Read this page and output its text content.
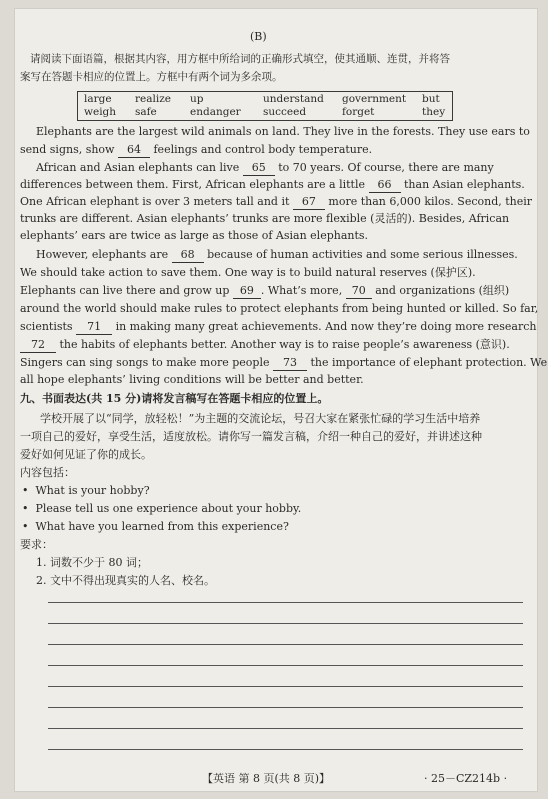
(B)
请阅读下面语篇，根据其内容，用方框中所给词的正确形式填空，使其通顺、连贯，并将答
案写在答题卡相应的位置上。方框中有两个词为多余项。
large realize up	understand government but
weigh safe	endanger succeed	forget	they
Elephants are the largest wild animals on land. They live in the forests. They use ears to
send signs, show 64 feelings and control body temperature.
African and Asian elephants can live 65 to 70 years. Of course, there are many
differences between them. First, African elephants are a little 66 than Asian elephants.
One African elephant is over 3 meters tall and it 67 more than 6,000 kilos. Second, their
trunks are different. Asian elephants’ trunks are more flexible (灵活的). Besides, African
elephants’ ears are twice as large as those of Asian elephants.
However, elephants are 68 because of human activities and some serious illnesses.
We should take action to save them. One way is to build natural reserves (保护区).
Elephants can live there and grow up 69 . What’s more, 70 and organizations (组织)
around the world should make rules to protect elephants from being hunted or killed. So far,
scientists 71 in making many great achievements. And now they’re doing more research
72 the habits of elephants better. Another way is to raise people’s awareness (意识).
Singers can sing songs to make more people 73 the importance of elephant protection. We
all hope elephants’ living conditions will be better and better.
九、书面表达(共 15 分)请将发言稿写在答题卡相应的位置上。
学校开展了以“同学，放轻松！”为主题的交流论坛，号召大家在紧张忙碌的学习生活中培养
一项自己的爱好，享受生活，适度放松。请你写一篇发言稿，介绍一种自己的爱好，并讲述这种
爱好如何见证了你的成长。
内容包括：
•  What is your hobby?
•  Please tell us one experience about your hobby.
•  What have you learned from this experience?
要求：
1. 词数不少于 80 词；
2. 文中不得出现真实的人名、校名。
【英语 第 8 页(共 8 页)】	· 25－CZ214b ·
